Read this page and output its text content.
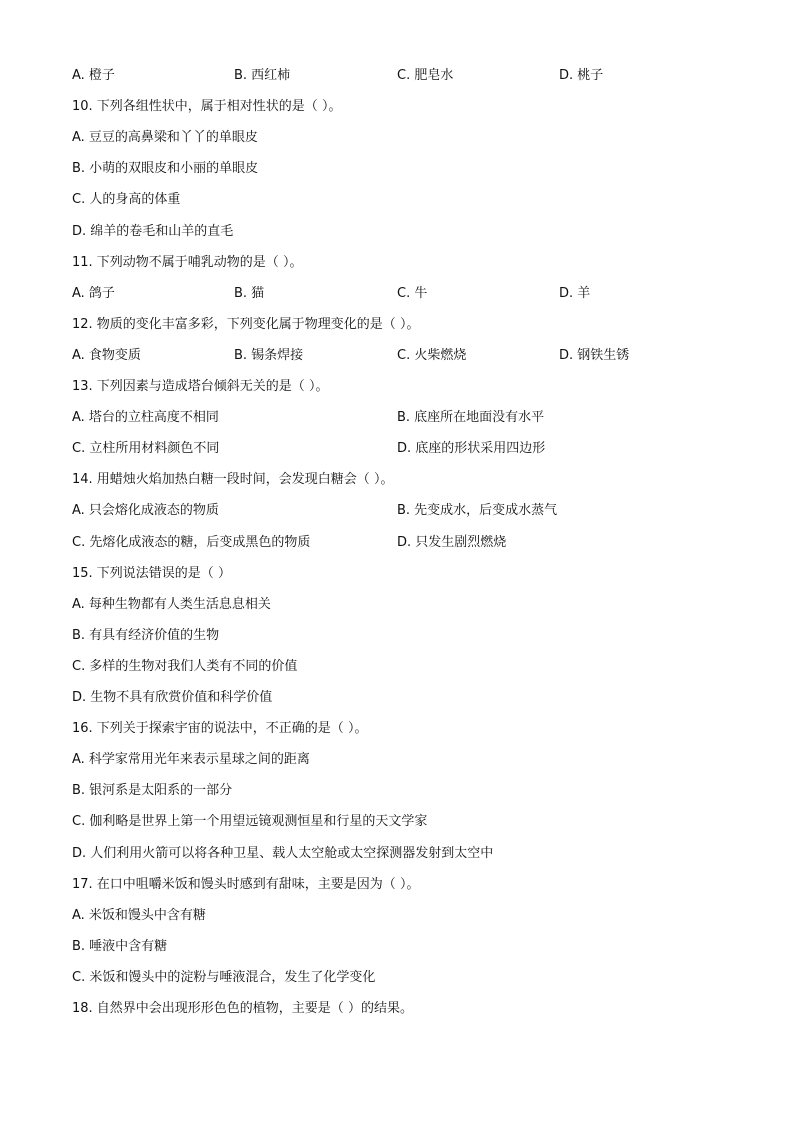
A. 橙子	B. 西红柿	C. 肥皂水	D. 桃子
10. 下列各组性状中，属于相对性状的是（ ）。
A. 豆豆的高鼻梁和丫丫的单眼皮
B. 小萌的双眼皮和小丽的单眼皮
C. 人的身高的体重
D. 绵羊的卷毛和山羊的直毛
11. 下列动物不属于哺乳动物的是（ ）。
A. 鸽子	B. 猫	C. 牛	D. 羊
12. 物质的变化丰富多彩，下列变化属于物理变化的是（ ）。
A. 食物变质	B. 锡条焊接	C. 火柴燃烧	D. 钢铁生锈
13. 下列因素与造成塔台倾斜无关的是（ ）。
A. 塔台的立柱高度不相同	B. 底座所在地面没有水平
C. 立柱所用材料颜色不同	D. 底座的形状采用四边形
14. 用蜡烛火焰加热白糖一段时间，会发现白糖会（ ）。
A. 只会熔化成液态的物质	B. 先变成水，后变成水蒸气
C. 先熔化成液态的糖，后变成黑色的物质	D. 只发生剧烈燃烧
15. 下列说法错误的是（ ）
A. 每种生物都有人类生活息息相关
B. 有具有经济价值的生物
C. 多样的生物对我们人类有不同的价值
D. 生物不具有欣赏价值和科学价值
16. 下列关于探索宇宙的说法中，不正确的是（ ）。
A. 科学家常用光年来表示星球之间的距离
B. 银河系是太阳系的一部分
C. 伽利略是世界上第一个用望远镜观测恒星和行星的天文学家
D. 人们利用火箭可以将各种卫星、载人太空舱或太空探测器发射到太空中
17. 在口中咀嚼米饭和馒头时感到有甜味，主要是因为（ ）。
A. 米饭和馒头中含有糖
B. 唾液中含有糖
C. 米饭和馒头中的淀粉与唾液混合，发生了化学变化
18. 自然界中会出现形形色色的植物，主要是（ ）的结果。
